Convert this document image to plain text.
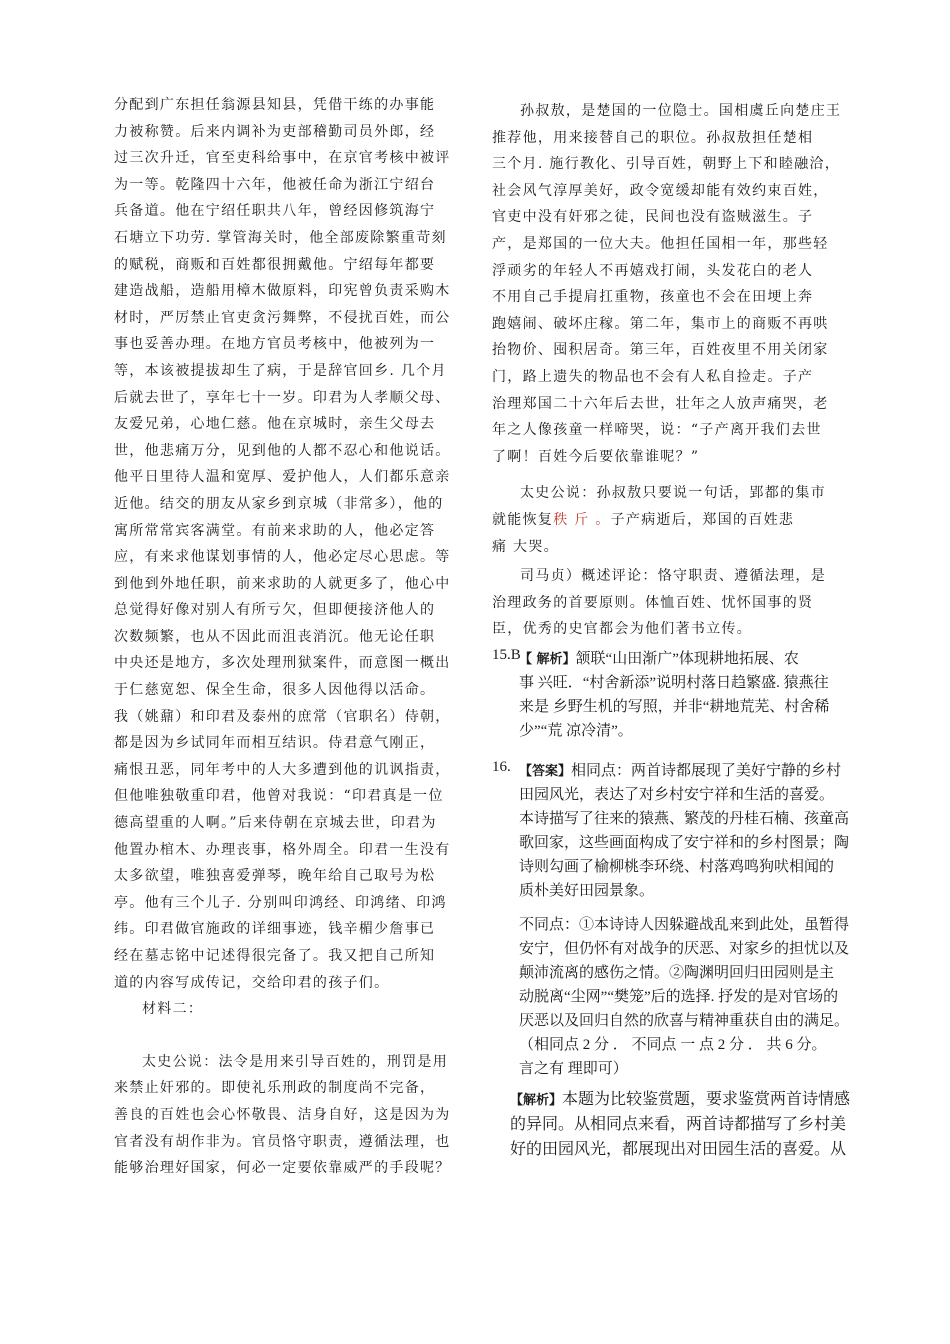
分配到广东担任翁源县知县，凭借干练的办事能
力被称赞。后来内调补为吏部稽勤司员外郎，经
过三次升迁，官至吏科给事中，在京官考核中被评
为一等。乾隆四十六年，他被任命为浙江宁绍台
兵备道。他在宁绍任职共八年，曾经因修筑海宁
石塘立下功劳. 掌管海关时，他全部废除繁重苛刻
的赋税，商贩和百姓都很拥戴他。宁绍每年都要
建造战船，造船用樟木做原料，印宪曾负责采购木
材时，严厉禁止官吏贪污舞弊，不侵扰百姓，而公
事也妥善办理。在地方官员考核中，他被列为一
等，本该被提拔却生了病，于是辞官回乡. 几个月
后就去世了，享年七十一岁。印君为人孝顺父母、
友爱兄弟，心地仁慈。他在京城时，亲生父母去
世，他悲痛万分，见到他的人都不忍心和他说话。
他平日里待人温和宽厚、爱护他人，人们都乐意亲
近他。结交的朋友从家乡到京城（非常多），他的
寓所常常宾客满堂。有前来求助的人，他必定答
应，有来求他谋划事情的人，他必定尽心思虑。等
到他到外地任职，前来求助的人就更多了，他心中
总觉得好像对别人有所亏欠，但即便接济他人的
次数频繁，也从不因此而沮丧消沉。他无论任职
中央还是地方，多次处理刑狱案件，而意图一概出
于仁慈宽恕、保全生命，很多人因他得以活命。
我（姚鼐）和印君及泰州的庶常（官职名）侍朝，
都是因为乡试同年而相互结识。侍君意气刚正，
痛恨丑恶，同年考中的人大多遭到他的讥讽指责，
但他唯独敬重印君，他曾对我说：“印君真是一位
德高望重的人啊。”后来侍朝在京城去世，印君为
他置办棺木、办理丧事，格外周全。印君一生没有
太多欲望，唯独喜爱弹琴，晚年给自己取号为松
亭。他有三个儿子. 分别叫印鸿经、印鸿绪、印鸿
纬。印君做官施政的详细事迹，钱辛楣少詹事已
经在墓志铭中记述得很完备了。我又把自己所知
道的内容写成传记，交给印君的孩子们。
材料二：
太史公说：法令是用来引导百姓的，刑罚是用
来禁止奸邪的。即使礼乐刑政的制度尚不完备，
善良的百姓也会心怀敬畏、洁身自好，这是因为为
官者没有胡作非为。官员恪守职责，遵循法理，也
能够治理好国家，何必一定要依靠威严的手段呢？
孙叔敖，是楚国的一位隐士。国相虞丘向楚庄王
推荐他，用来接替自己的职位。孙叔敖担任楚相
三个月. 施行教化、引导百姓，朝野上下和睦融洽，
社会风气淳厚美好，政令宽缓却能有效约束百姓，
官吏中没有奸邪之徒，民间也没有盗贼滋生。子
产，是郑国的一位大夫。他担任国相一年，那些轻
浮顽劣的年轻人不再嬉戏打闹，头发花白的老人
不用自己手提肩扛重物，孩童也不会在田埂上奔
跑嬉闹、破坏庄稼。第二年，集市上的商贩不再哄
抬物价、囤积居奇。第三年，百姓夜里不用关闭家
门，路上遗失的物品也不会有人私自捡走。子产
治理郑国二十六年后去世，壮年之人放声痛哭，老
年之人像孩童一样啼哭，说：“子产离开我们去世
了啊！百姓今后要依靠谁呢？”
太史公说：孙叔敖只要说一句话，郢都的集市
就能恢复秩 斤 。子产病逝后，郑国的百姓悲
痛 大哭。
司马贞）概述评论：恪守职责、遵循法理，是
治理政务的首要原则。体恤百姓、忧怀国事的贤
臣，优秀的史官都会为他们著书立传。
15.B
【 解析】颔联“山田渐广”体现耕地拓展、农
事 兴旺．“村舍新添”说明村落日趋繁盛. 猿燕往
来是 乡野生机的写照，并非“耕地荒芜、村舍稀
少”“荒 凉冷清”。
16. 【答案】相同点：两首诗都展现了美好宁静的乡村
田园风光，表达了对乡村安宁祥和生活的喜爱。
本诗描写了往来的猿燕、繁茂的丹桂石楠、孩童高
歌回家，这些画面构成了安宁祥和的乡村图景；陶
诗则勾画了榆柳桃李环绕、村落鸡鸣狗吠相闻的
质朴美好田园景象。
不同点：①本诗诗人因躲避战乱来到此处，虽暂得
安宁，但仍怀有对战争的厌恶、对家乡的担忧以及
颠沛流离的感伤之情。②陶渊明回归田园则是主
动脱离“尘网”“樊笼”后的选择. 抒发的是对官场的
厌恶以及回归自然的欣喜与精神重获自由的满足。
（相同点 2 分 ． 不同点 一 点 2 分 ． 共 6 分。
言之有 理即可）
【解析】本题为比较鉴赏题，要求鉴赏两首诗情感
的异同。从相同点来看，两首诗都描写了乡村美
好的田园风光，都展现出对田园生活的喜爱。从
